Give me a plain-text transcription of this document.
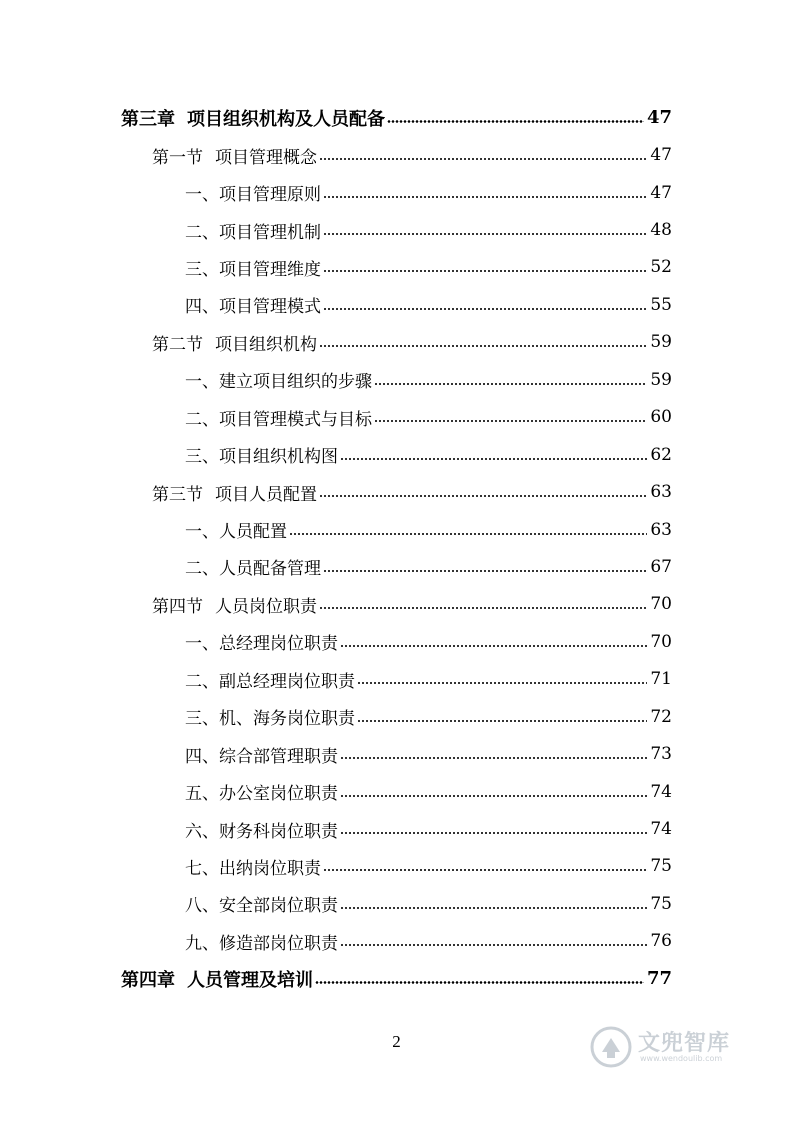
第三章 项目组织机构及人员配备	47
第一节 项目管理概念	47
一、项目管理原则	47
二、项目管理机制	48
三、项目管理维度	52
四、项目管理模式	55
第二节 项目组织机构	59
一、建立项目组织的步骤	59
二、项目管理模式与目标	60
三、项目组织机构图	62
第三节 项目人员配置	63
一、人员配置	63
二、人员配备管理	67
第四节 人员岗位职责	70
一、总经理岗位职责	70
二、副总经理岗位职责	71
三、机、海务岗位职责	72
四、综合部管理职责	73
五、办公室岗位职责	74
六、财务科岗位职责	74
七、出纳岗位职责	75
八、安全部岗位职责	75
九、修造部岗位职责	76
第四章 人员管理及培训	77
2	文兜智库
www.wendoulib.com
